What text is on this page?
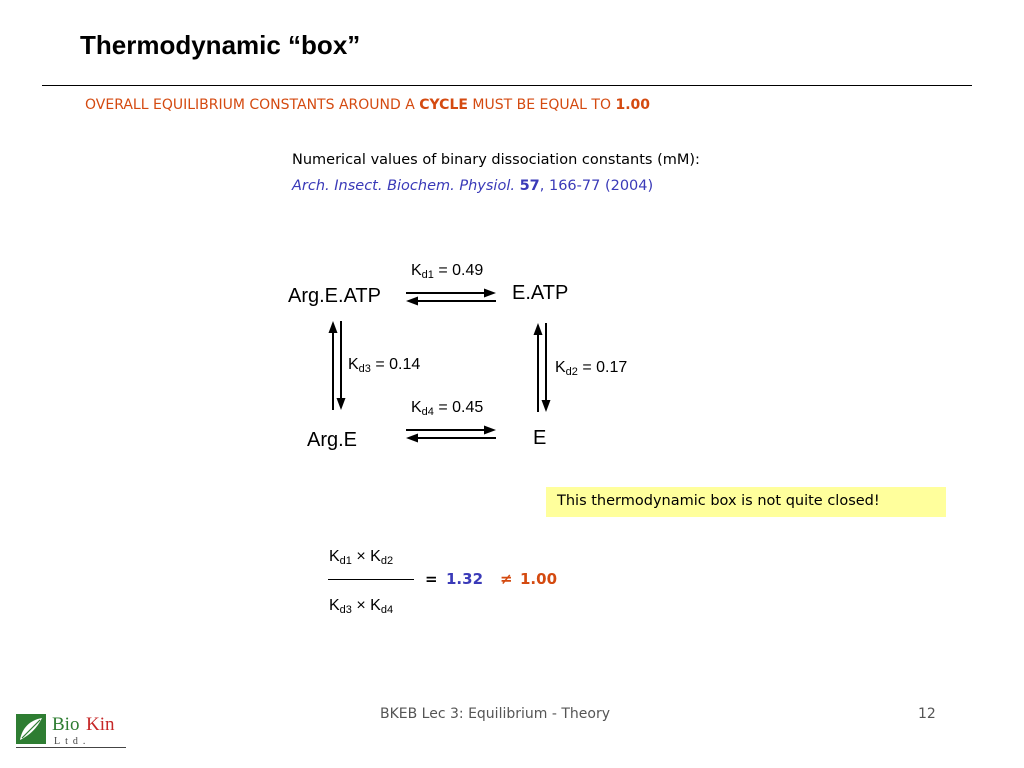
Thermodynamic “box”
OVERALL EQUILIBRIUM CONSTANTS AROUND A CYCLE MUST BE EQUAL TO 1.00
Numerical values of binary dissociation constants (mM):
Arch. Insect. Biochem. Physiol. 57, 166-77 (2004)
Arg.E.ATP	E.ATP
Arg.E	E
$K_{d1} = 0.49$
$K_{d2} = 0.17$
$K_{d3} = 0.14$
$K_{d4} = 0.45$
This thermodynamic box is not quite closed!
$K_{d1} \times K_{d2}$
$K_{d3} \times K_{d4}$
= 1.32 ≠ 1.00
BKEB Lec 3: Equilibrium - Theory	12
Bio Kin
Ltd.
